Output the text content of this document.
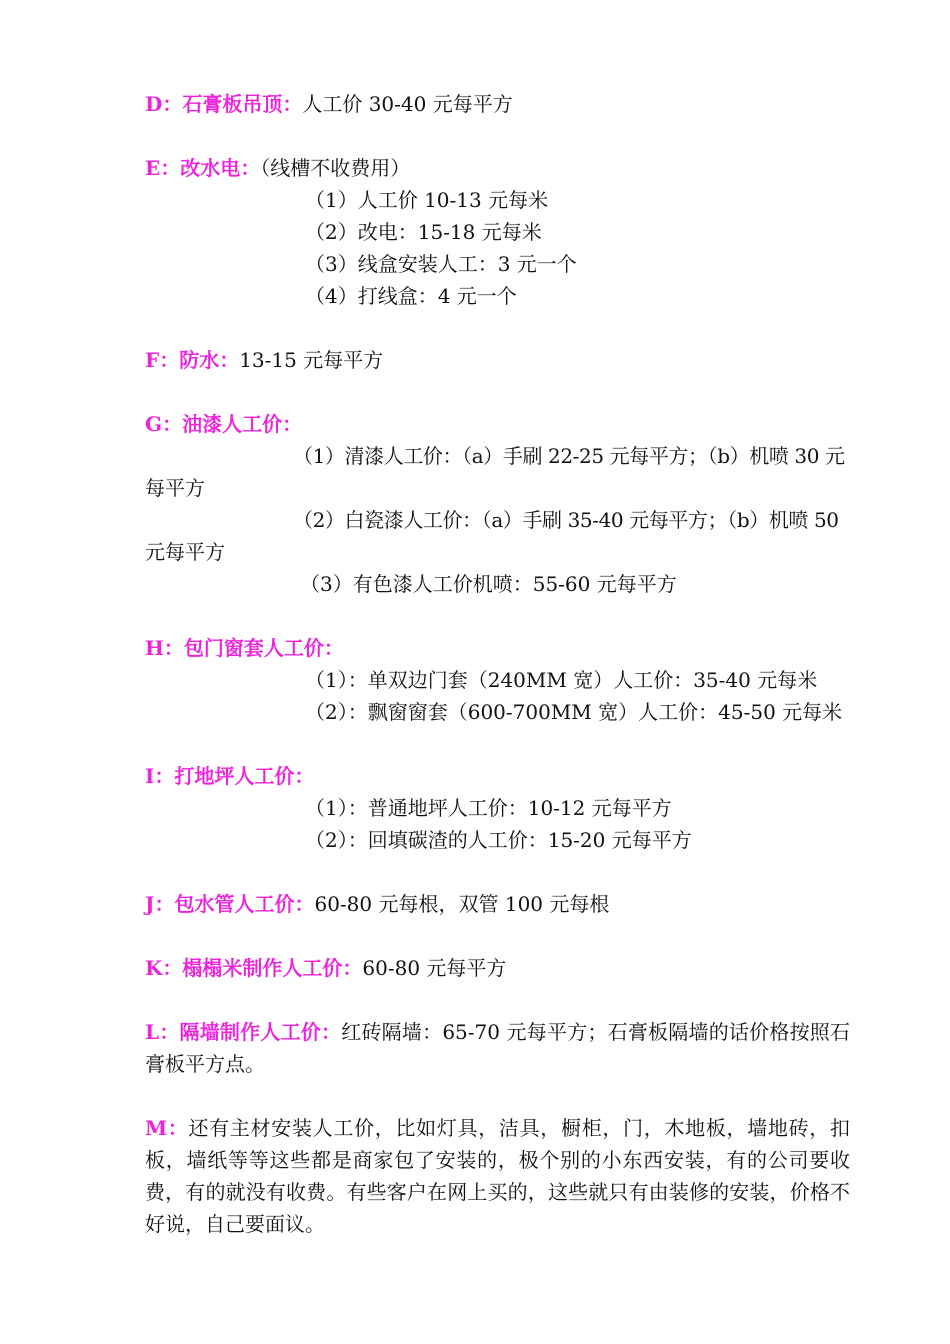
D：石膏板吊顶：人工价 30-40 元每平方
E：改水电：（线槽不收费用）
（1）人工价 10-13 元每米
（2）改电：15-18 元每米
（3）线盒安装人工：3 元一个
（4）打线盒：4 元一个
F：防水：13-15 元每平方
G：油漆人工价：
（1）清漆人工价：（a）手刷 22-25 元每平方；（b）机喷 30 元
每平方
（2）白瓷漆人工价：（a）手刷 35-40 元每平方；（b）机喷 50
元每平方
（3）有色漆人工价机喷：55-60 元每平方
H：包门窗套人工价：
（1）：单双边门套（240MM 宽）人工价：35-40 元每米
（2）：飘窗窗套（600-700MM 宽）人工价：45-50 元每米
I：打地坪人工价：
（1）：普通地坪人工价：10-12 元每平方
（2）：回填碳渣的人工价：15-20 元每平方
J：包水管人工价：60-80 元每根，双管 100 元每根
K：榻榻米制作人工价：60-80 元每平方
L：隔墙制作人工价：红砖隔墙：65-70 元每平方；石膏板隔墙的话价格按照石膏板平方点。
M：还有主材安装人工价，比如灯具，洁具，橱柜，门，木地板，墙地砖，扣板，墙纸等等这些都是商家包了安装的，极个别的小东西安装，有的公司要收费，有的就没有收费。有些客户在网上买的，这些就只有由装修的安装，价格不好说，自己要面议。
